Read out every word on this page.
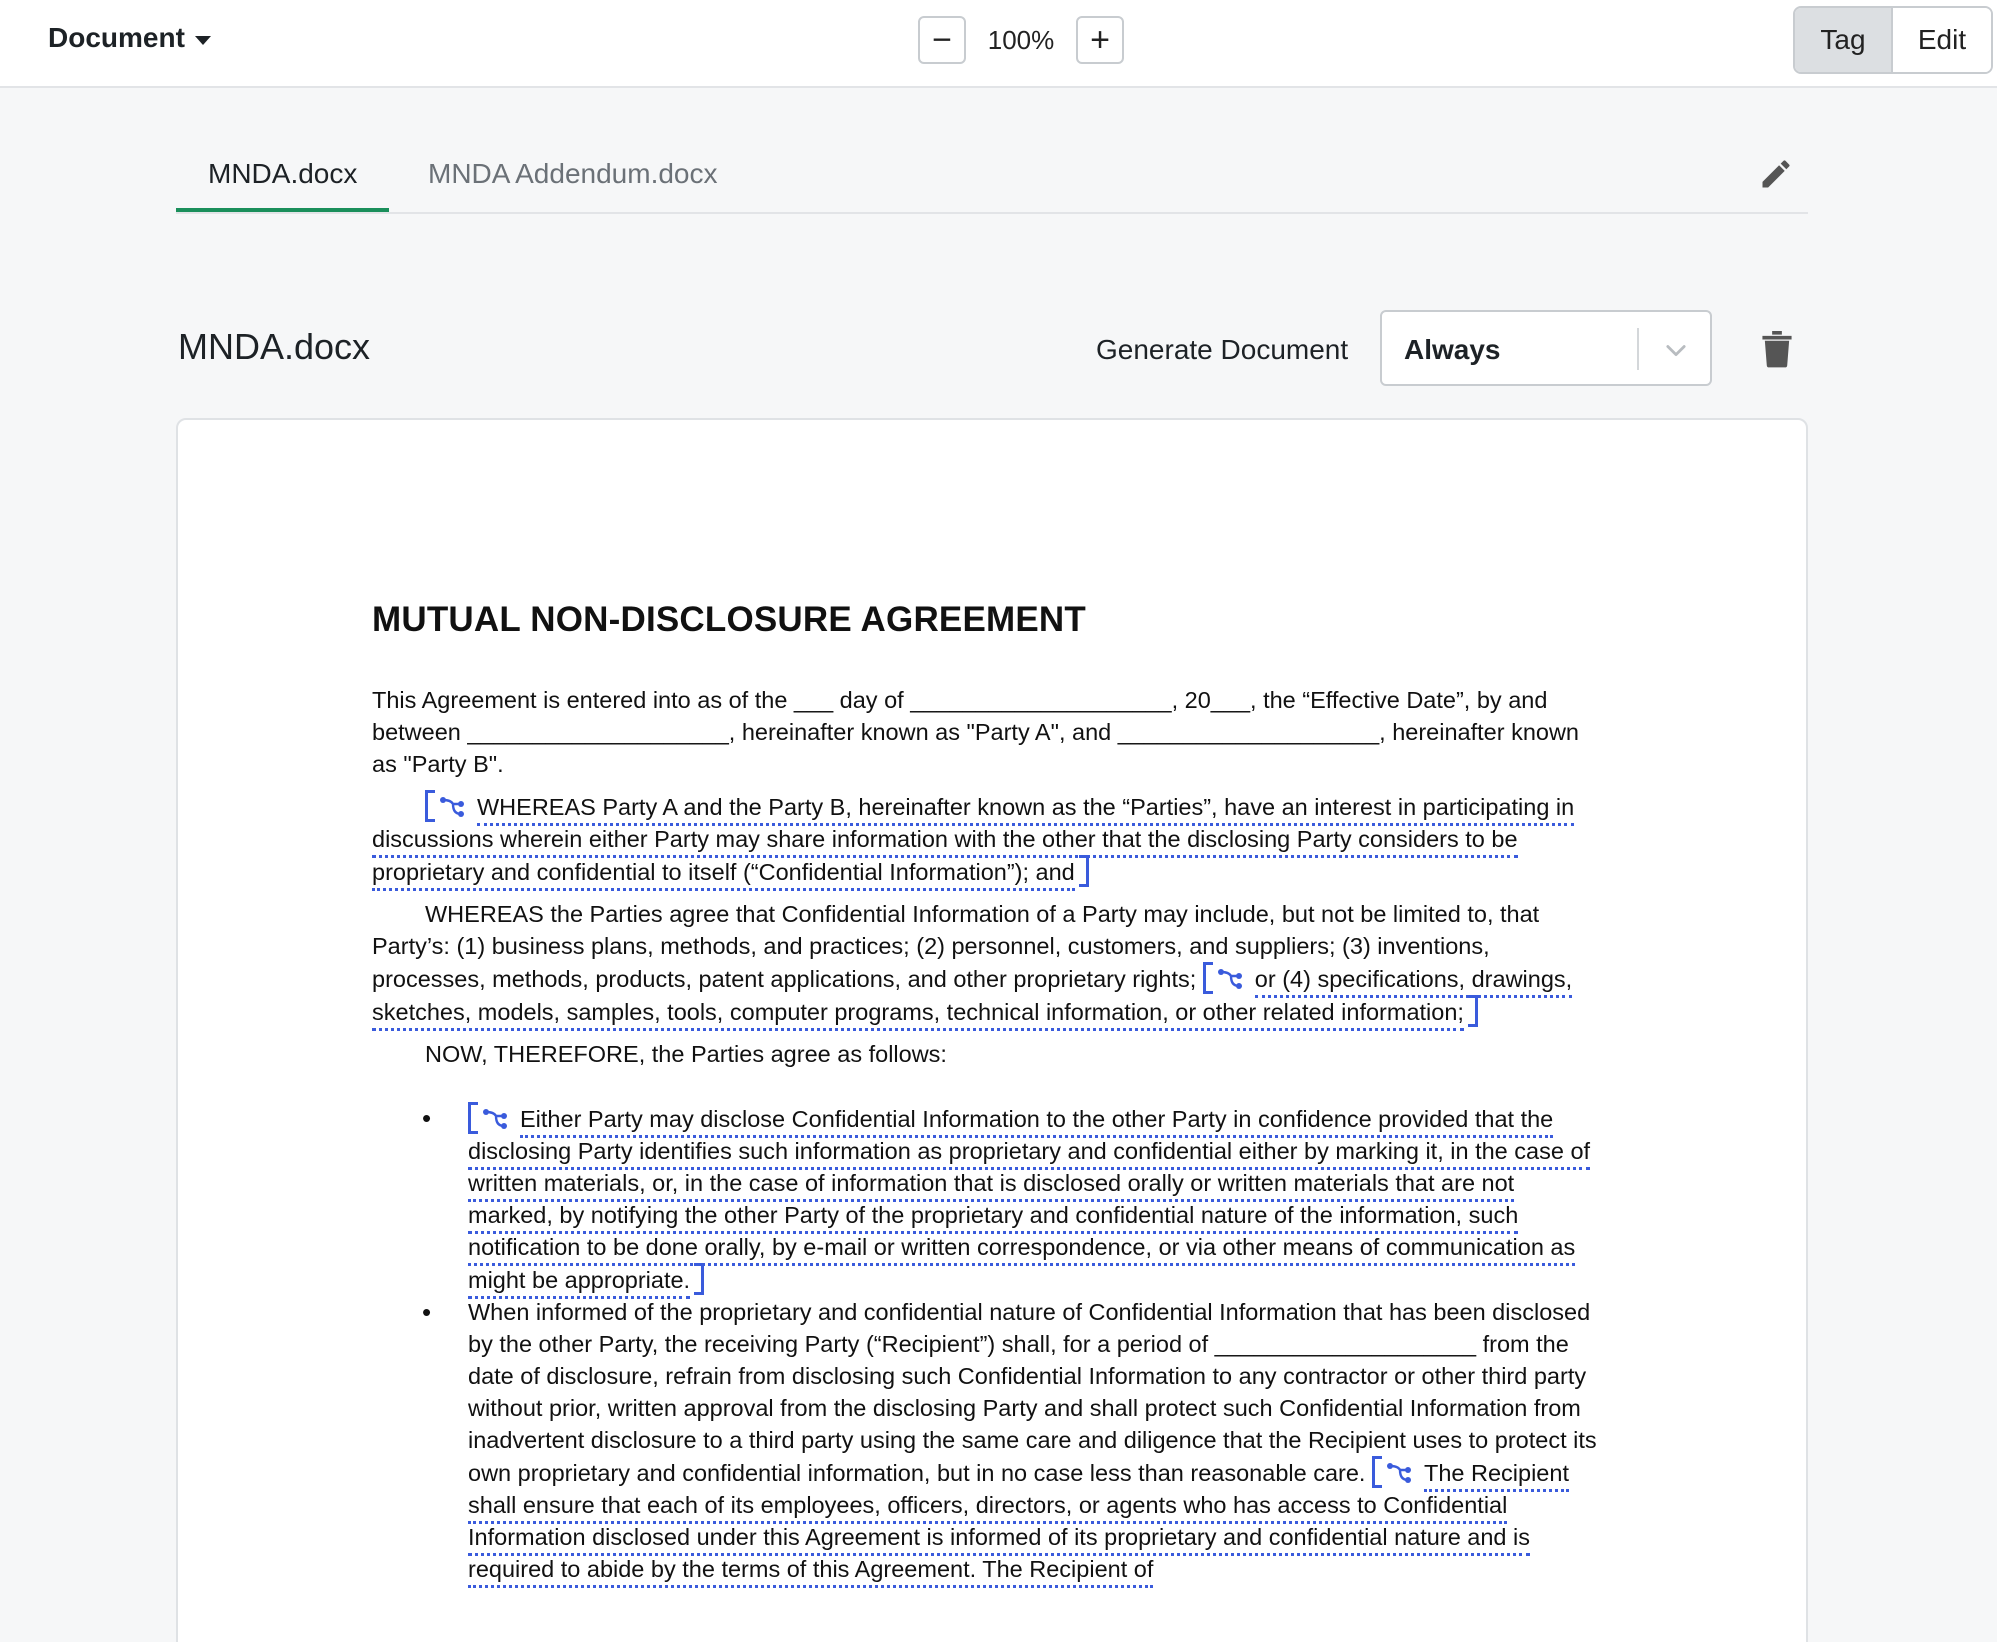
Document	−	100%	+	Tag	Edit
MNDA.docx	MNDA Addendum.docx
MNDA.docx	Generate Document Always
MUTUAL NON-DISCLOSURE AGREEMENT

This Agreement is entered into as of the ___ day of ____________________, 20___, the “Effective Date”, by and between ____________________, hereinafter known as "Party A", and ____________________, hereinafter known as "Party B".

WHEREAS Party A and the Party B, hereinafter known as the “Parties”, have an interest in participating in discussions wherein either Party may share information with the other that the disclosing Party considers to be proprietary and confidential to itself (“Confidential Information”); and

WHEREAS the Parties agree that Confidential Information of a Party may include, but not be limited to, that Party’s: (1) business plans, methods, and practices; (2) personnel, customers, and suppliers; (3) inventions, processes, methods, products, patent applications, and other proprietary rights; or (4) specifications, drawings, sketches, models, samples, tools, computer programs, technical information, or other related information;

NOW, THEREFORE, the Parties agree as follows:

•	Either Party may disclose Confidential Information to the other Party in confidence provided that the disclosing Party identifies such information as proprietary and confidential either by marking it, in the case of written materials, or, in the case of information that is disclosed orally or written materials that are not marked, by notifying the other Party of the proprietary and confidential nature of the information, such notification to be done orally, by e-mail or written correspondence, or via other means of communication as might be appropriate.
• When informed of the proprietary and confidential nature of Confidential Information that has been disclosed by the other Party, the receiving Party (“Recipient”) shall, for a period of ____________________ from the date of disclosure, refrain from disclosing such Confidential Information to any contractor or other third party without prior, written approval from the disclosing Party and shall protect such Confidential Information from inadvertent disclosure to a third party using the same care and diligence that the Recipient uses to protect its own proprietary and confidential information, but in no case less than reasonable care. The Recipient shall ensure that each of its employees, officers, directors, or agents who has access to Confidential Information disclosed under this Agreement is informed of its proprietary and confidential nature and is required to abide by the terms of this Agreement. The Recipient of
